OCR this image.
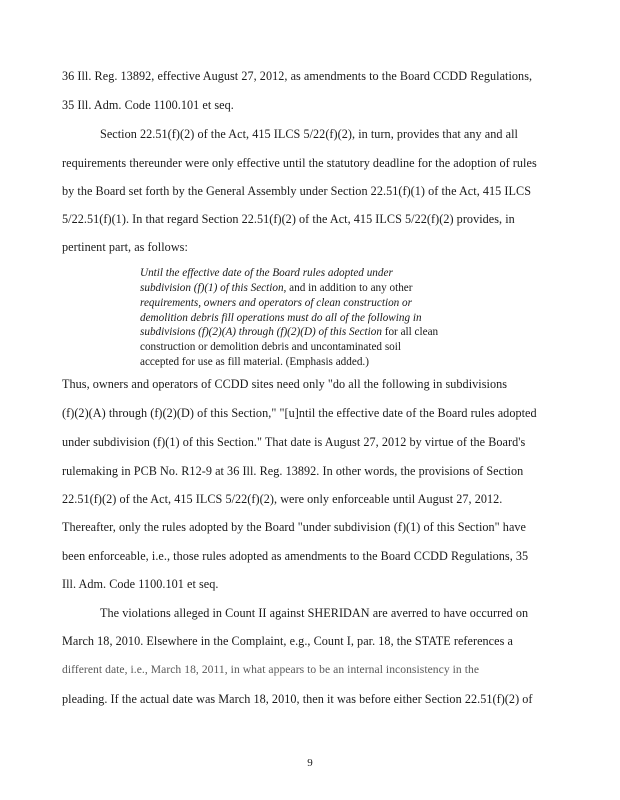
36 Ill. Reg. 13892, effective August 27, 2012, as amendments to the Board CCDD Regulations,
35 Ill. Adm. Code 1100.101 et seq.
Section 22.51(f)(2) of the Act, 415 ILCS 5/22(f)(2), in turn, provides that any and all
requirements thereunder were only effective until the statutory deadline for the adoption of rules
by the Board set forth by the General Assembly under Section 22.51(f)(1) of the Act, 415 ILCS
5/22.51(f)(1). In that regard Section 22.51(f)(2) of the Act, 415 ILCS 5/22(f)(2) provides, in
pertinent part, as follows:
Until the effective date of the Board rules adopted under
subdivision (f)(1) of this Section, and in addition to any other
requirements, owners and operators of clean construction or
demolition debris fill operations must do all of the following in
subdivisions (f)(2)(A) through (f)(2)(D) of this Section for all clean
construction or demolition debris and uncontaminated soil
accepted for use as fill material. (Emphasis added.)
Thus, owners and operators of CCDD sites need only "do all the following in subdivisions
(f)(2)(A) through (f)(2)(D) of this Section," "[u]ntil the effective date of the Board rules adopted
under subdivision (f)(1) of this Section." That date is August 27, 2012 by virtue of the Board's
rulemaking in PCB No. R12-9 at 36 Ill. Reg. 13892. In other words, the provisions of Section
22.51(f)(2) of the Act, 415 ILCS 5/22(f)(2), were only enforceable until August 27, 2012.
Thereafter, only the rules adopted by the Board "under subdivision (f)(1) of this Section" have
been enforceable, i.e., those rules adopted as amendments to the Board CCDD Regulations, 35
Ill. Adm. Code 1100.101 et seq.
The violations alleged in Count II against SHERIDAN are averred to have occurred on
March 18, 2010. Elsewhere in the Complaint, e.g., Count I, par. 18, the STATE references a
different date, i.e., March 18, 2011, in what appears to be an internal inconsistency in the
pleading. If the actual date was March 18, 2010, then it was before either Section 22.51(f)(2) of
9
